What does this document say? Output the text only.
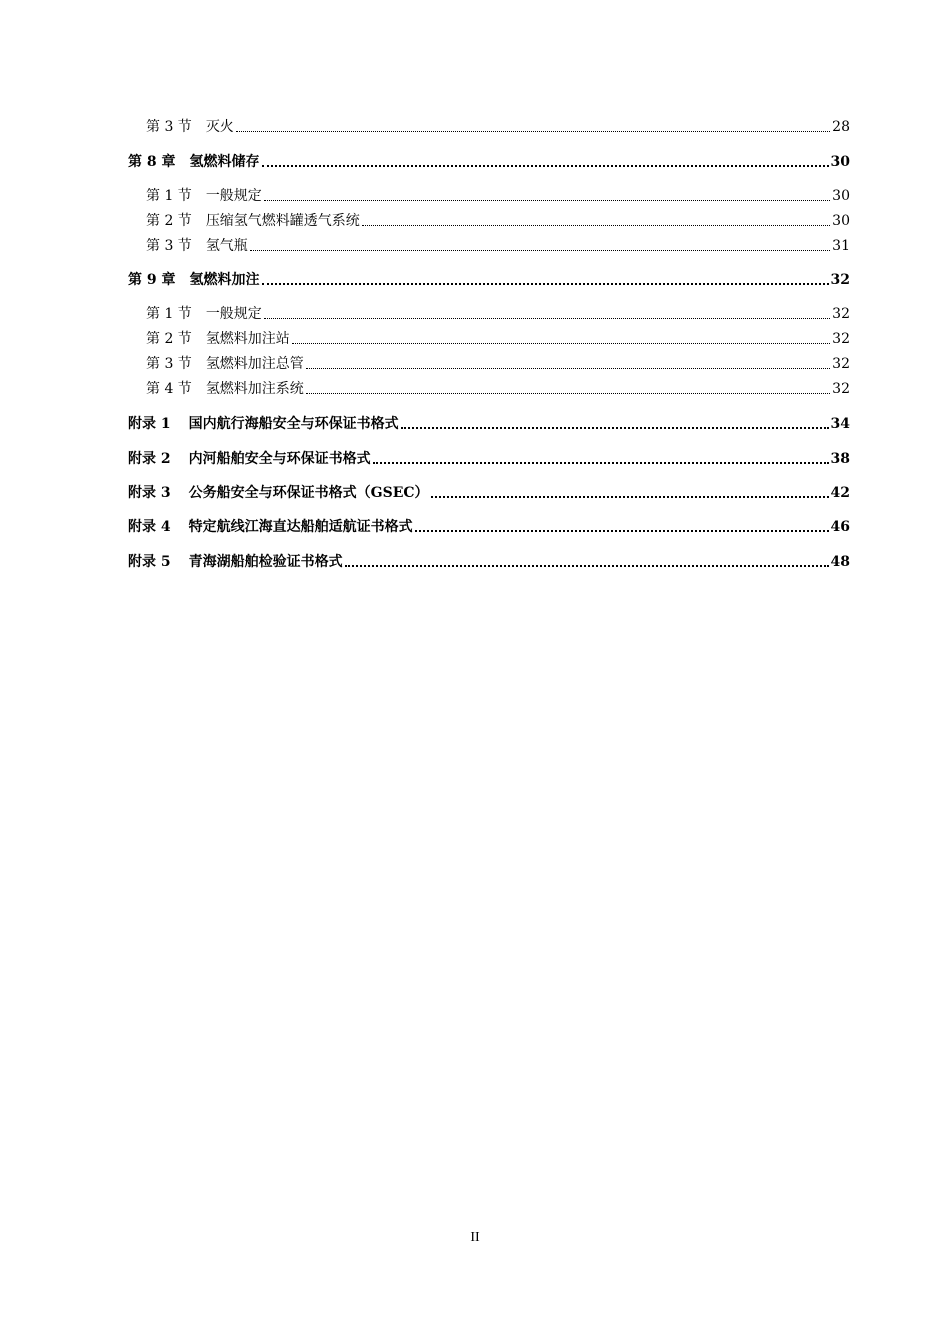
第 3 节 灭火	28
第 8 章 氢燃料储存	30
第 1 节 一般规定	30
第 2 节 压缩氢气燃料罐透气系统	30
第 3 节 氢气瓶	31
第 9 章 氢燃料加注	32
第 1 节 一般规定	32
第 2 节 氢燃料加注站	32
第 3 节 氢燃料加注总管	32
第 4 节 氢燃料加注系统	32
附录 1 国内航行海船安全与环保证书格式	34
附录 2 内河船舶安全与环保证书格式	38
附录 3 公务船安全与环保证书格式（GSEC）	42
附录 4 特定航线江海直达船舶适航证书格式	46
附录 5 青海湖船舶检验证书格式	48
II
